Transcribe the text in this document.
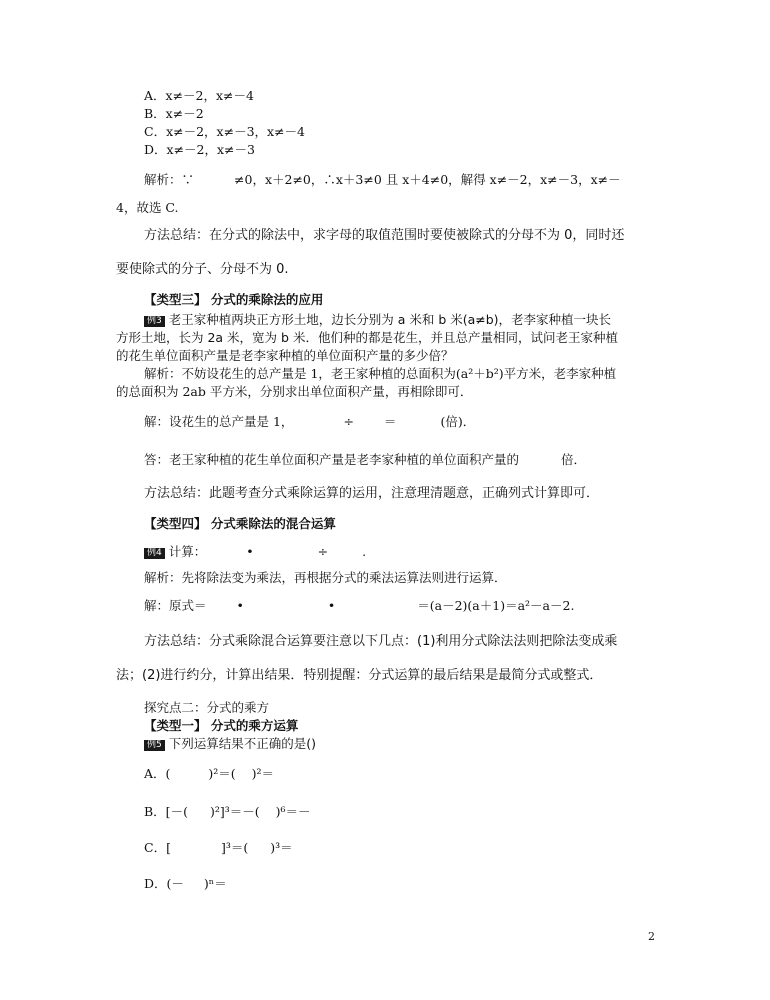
A．x≠－2，x≠－4
B．x≠－2
C．x≠－2，x≠－3，x≠－4
D．x≠－2，x≠－3
解析：∵	≠0，x＋2≠0，∴x＋3≠0 且 x＋4≠0，解得 x≠－2，x≠－3，x≠－
4，故选 C.
方法总结：在分式的除法中，求字母的取值范围时要使被除式的分母不为 0，同时还
要使除式的分子、分母不为 0.
【类型三】 分式的乘除法的应用
例3 老王家种植两块正方形土地，边长分别为 a 米和 b 米(a≠b)，老李家种植一块长
方形土地，长为 2a 米，宽为 b 米．他们种的都是花生，并且总产量相同，试问老王家种植
的花生单位面积产量是老李家种植的单位面积产量的多少倍？
解析：不妨设花生的总产量是 1，老王家种植的总面积为(a²＋b²)平方米，老李家种植
的总面积为 2ab 平方米，分别求出单位面积产量，再相除即可．
解：设花生的总产量是 1，	÷ ＝	(倍)．
答：老王家种植的花生单位面积产量是老李家种植的单位面积产量的	倍．
方法总结：此题考查分式乘除运算的运用，注意理清题意，正确列式计算即可．
【类型四】 分式乘除法的混合运算
例4 计算：	•	÷	.
解析：先将除法变为乘法，再根据分式的乘法运算法则进行运算．
解：原式＝ •	•	＝(a－2)(a＋1)＝a²－a－2.
方法总结：分式乘除混合运算要注意以下几点：(1)利用分式除法法则把除法变成乘
法；(2)进行约分，计算出结果．特别提醒：分式运算的最后结果是最简分式或整式．
探究点二：分式的乘方
【类型一】 分式的乘方运算
例5 下列运算结果不正确的是()
A．(	)²＝( )²＝
B．[－( )²]³＝－( )⁶＝－
C．[	]³＝( )³＝
D．(－ )ⁿ＝
2
